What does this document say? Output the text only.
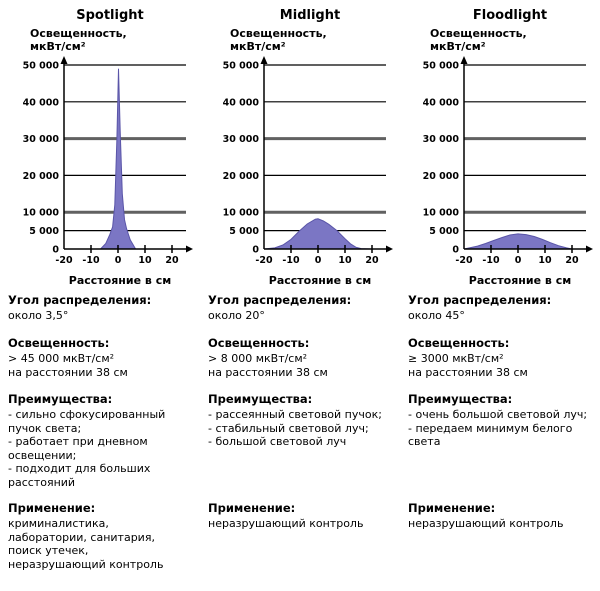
Spotlight
Освещенность,
мкВт/см²
0
5 000
10 000
20 000
30 000
40 000
50 000
-20 -10 0 10 20
Расстояние в см
Угол распределения:
около 3,5°
Освещенность:
> 45 000 мкВт/см²
на расстоянии 38 см
Преимущества:
- сильно сфокусированный пучок света;
- работает при дневном освещении;
- подходит для больших расстояний
Применение:
криминалистика,
лаборатории, санитария,
поиск утечек,
неразрушающий контроль
Midlight
Освещенность,
мкВт/см²
0
5 000
10 000
20 000
30 000
40 000
50 000
-20 -10 0 10 20
Расстояние в см
Угол распределения:
около 20°
Освещенность:
> 8 000 мкВт/см²
на расстоянии 38 см
Преимущества:
- рассеянный световой пучок;
- стабильный световой луч;
- большой световой луч
Применение:
неразрушающий контроль
Floodlight
Освещенность,
мкВт/см²
0
5 000
10 000
20 000
30 000
40 000
50 000
-20 -10 0 10 20
Расстояние в см
Угол распределения:
около 45°
Освещенность:
≥ 3000 мкВт/см²
на расстоянии 38 см
Преимущества:
- очень большой световой луч;
- передаем минимум белого света
Применение:
неразрушающий контроль
